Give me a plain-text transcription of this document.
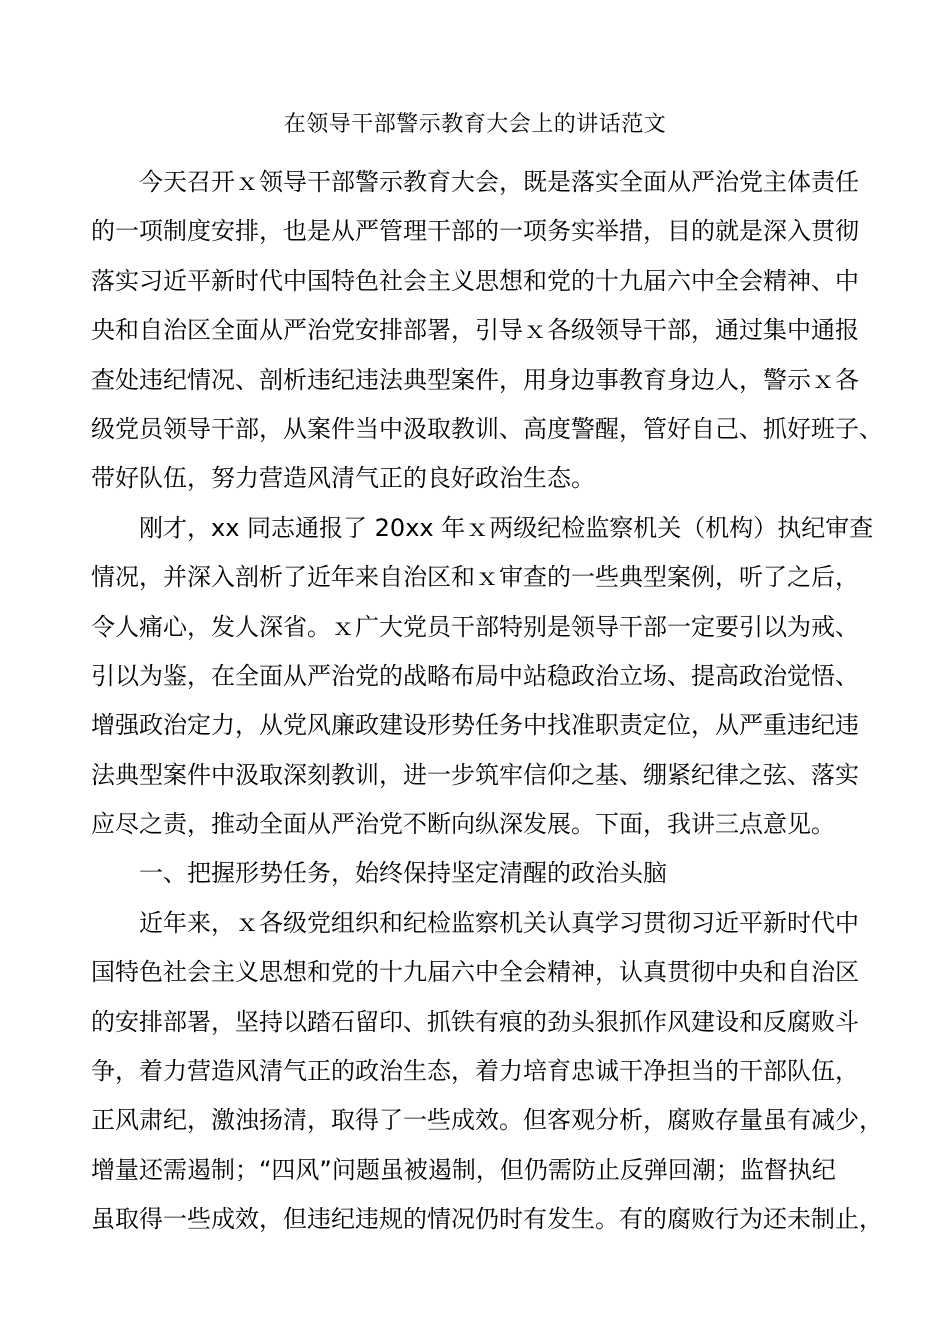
在领导干部警示教育大会上的讲话范文
今天召开ｘ领导干部警示教育大会，既是落实全面从严治党主体责任
的一项制度安排，也是从严管理干部的一项务实举措，目的就是深入贯彻
落实习近平新时代中国特色社会主义思想和党的十九届六中全会精神、中
央和自治区全面从严治党安排部署，引导ｘ各级领导干部，通过集中通报
查处违纪情况、剖析违纪违法典型案件，用身边事教育身边人，警示ｘ各
级党员领导干部，从案件当中汲取教训、高度警醒，管好自己、抓好班子、
带好队伍，努力营造风清气正的良好政治生态。
刚才，xx 同志通报了 20xx 年ｘ两级纪检监察机关（机构）执纪审查
情况，并深入剖析了近年来自治区和ｘ审查的一些典型案例，听了之后，
令人痛心，发人深省。ｘ广大党员干部特别是领导干部一定要引以为戒、
引以为鉴，在全面从严治党的战略布局中站稳政治立场、提高政治觉悟、
增强政治定力，从党风廉政建设形势任务中找准职责定位，从严重违纪违
法典型案件中汲取深刻教训，进一步筑牢信仰之基、绷紧纪律之弦、落实
应尽之责，推动全面从严治党不断向纵深发展。下面，我讲三点意见。
一、把握形势任务，始终保持坚定清醒的政治头脑
近年来，ｘ各级党组织和纪检监察机关认真学习贯彻习近平新时代中
国特色社会主义思想和党的十九届六中全会精神，认真贯彻中央和自治区
的安排部署，坚持以踏石留印、抓铁有痕的劲头狠抓作风建设和反腐败斗
争，着力营造风清气正的政治生态，着力培育忠诚干净担当的干部队伍，
正风肃纪，激浊扬清，取得了一些成效。但客观分析，腐败存量虽有减少，
增量还需遏制；“四风”问题虽被遏制，但仍需防止反弹回潮；监督执纪
虽取得一些成效，但违纪违规的情况仍时有发生。有的腐败行为还未制止，
